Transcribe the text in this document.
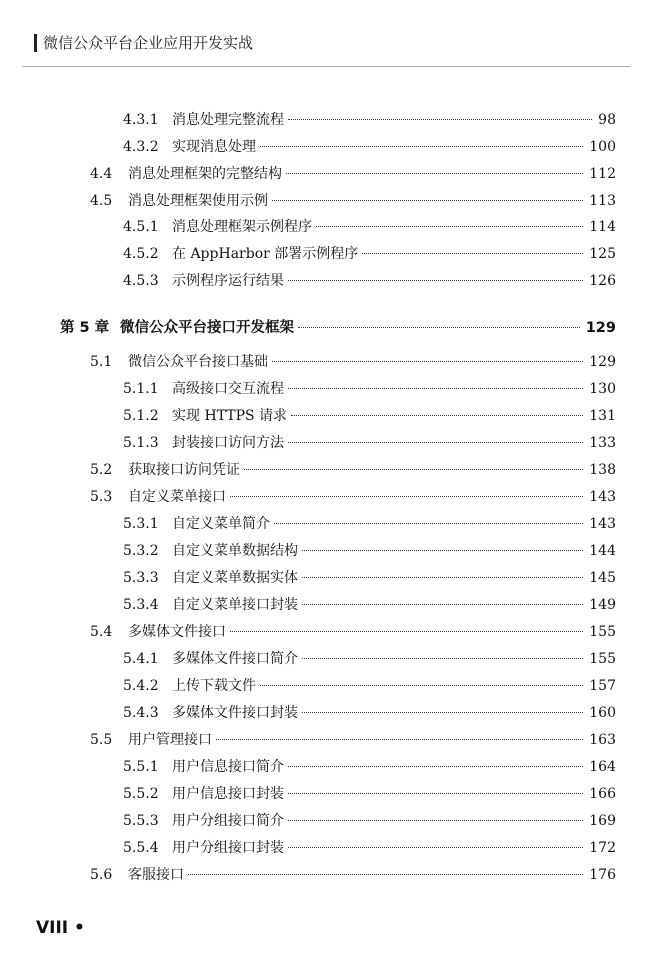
微信公众平台企业应用开发实战
4.3.1 消息处理完整流程	98
4.3.2 实现消息处理	100
4.4	消息处理框架的完整结构	112
4.5	消息处理框架使用示例	113
4.5.1 消息处理框架示例程序	114
4.5.2 在 AppHarbor 部署示例程序	125
4.5.3 示例程序运行结果	126
第 5 章 微信公众平台接口开发框架	129
5.1	微信公众平台接口基础	129
5.1.1 高级接口交互流程	130
5.1.2 实现 HTTPS 请求	131
5.1.3 封装接口访问方法	133
5.2	获取接口访问凭证	138
5.3	自定义菜单接口	143
5.3.1 自定义菜单简介	143
5.3.2 自定义菜单数据结构	144
5.3.3 自定义菜单数据实体	145
5.3.4 自定义菜单接口封装	149
5.4	多媒体文件接口	155
5.4.1 多媒体文件接口简介	155
5.4.2 上传下载文件	157
5.4.3 多媒体文件接口封装	160
5.5	用户管理接口	163
5.5.1 用户信息接口简介	164
5.5.2 用户信息接口封装	166
5.5.3 用户分组接口简介	169
5.5.4 用户分组接口封装	172
5.6	客服接口	176
VIII •
